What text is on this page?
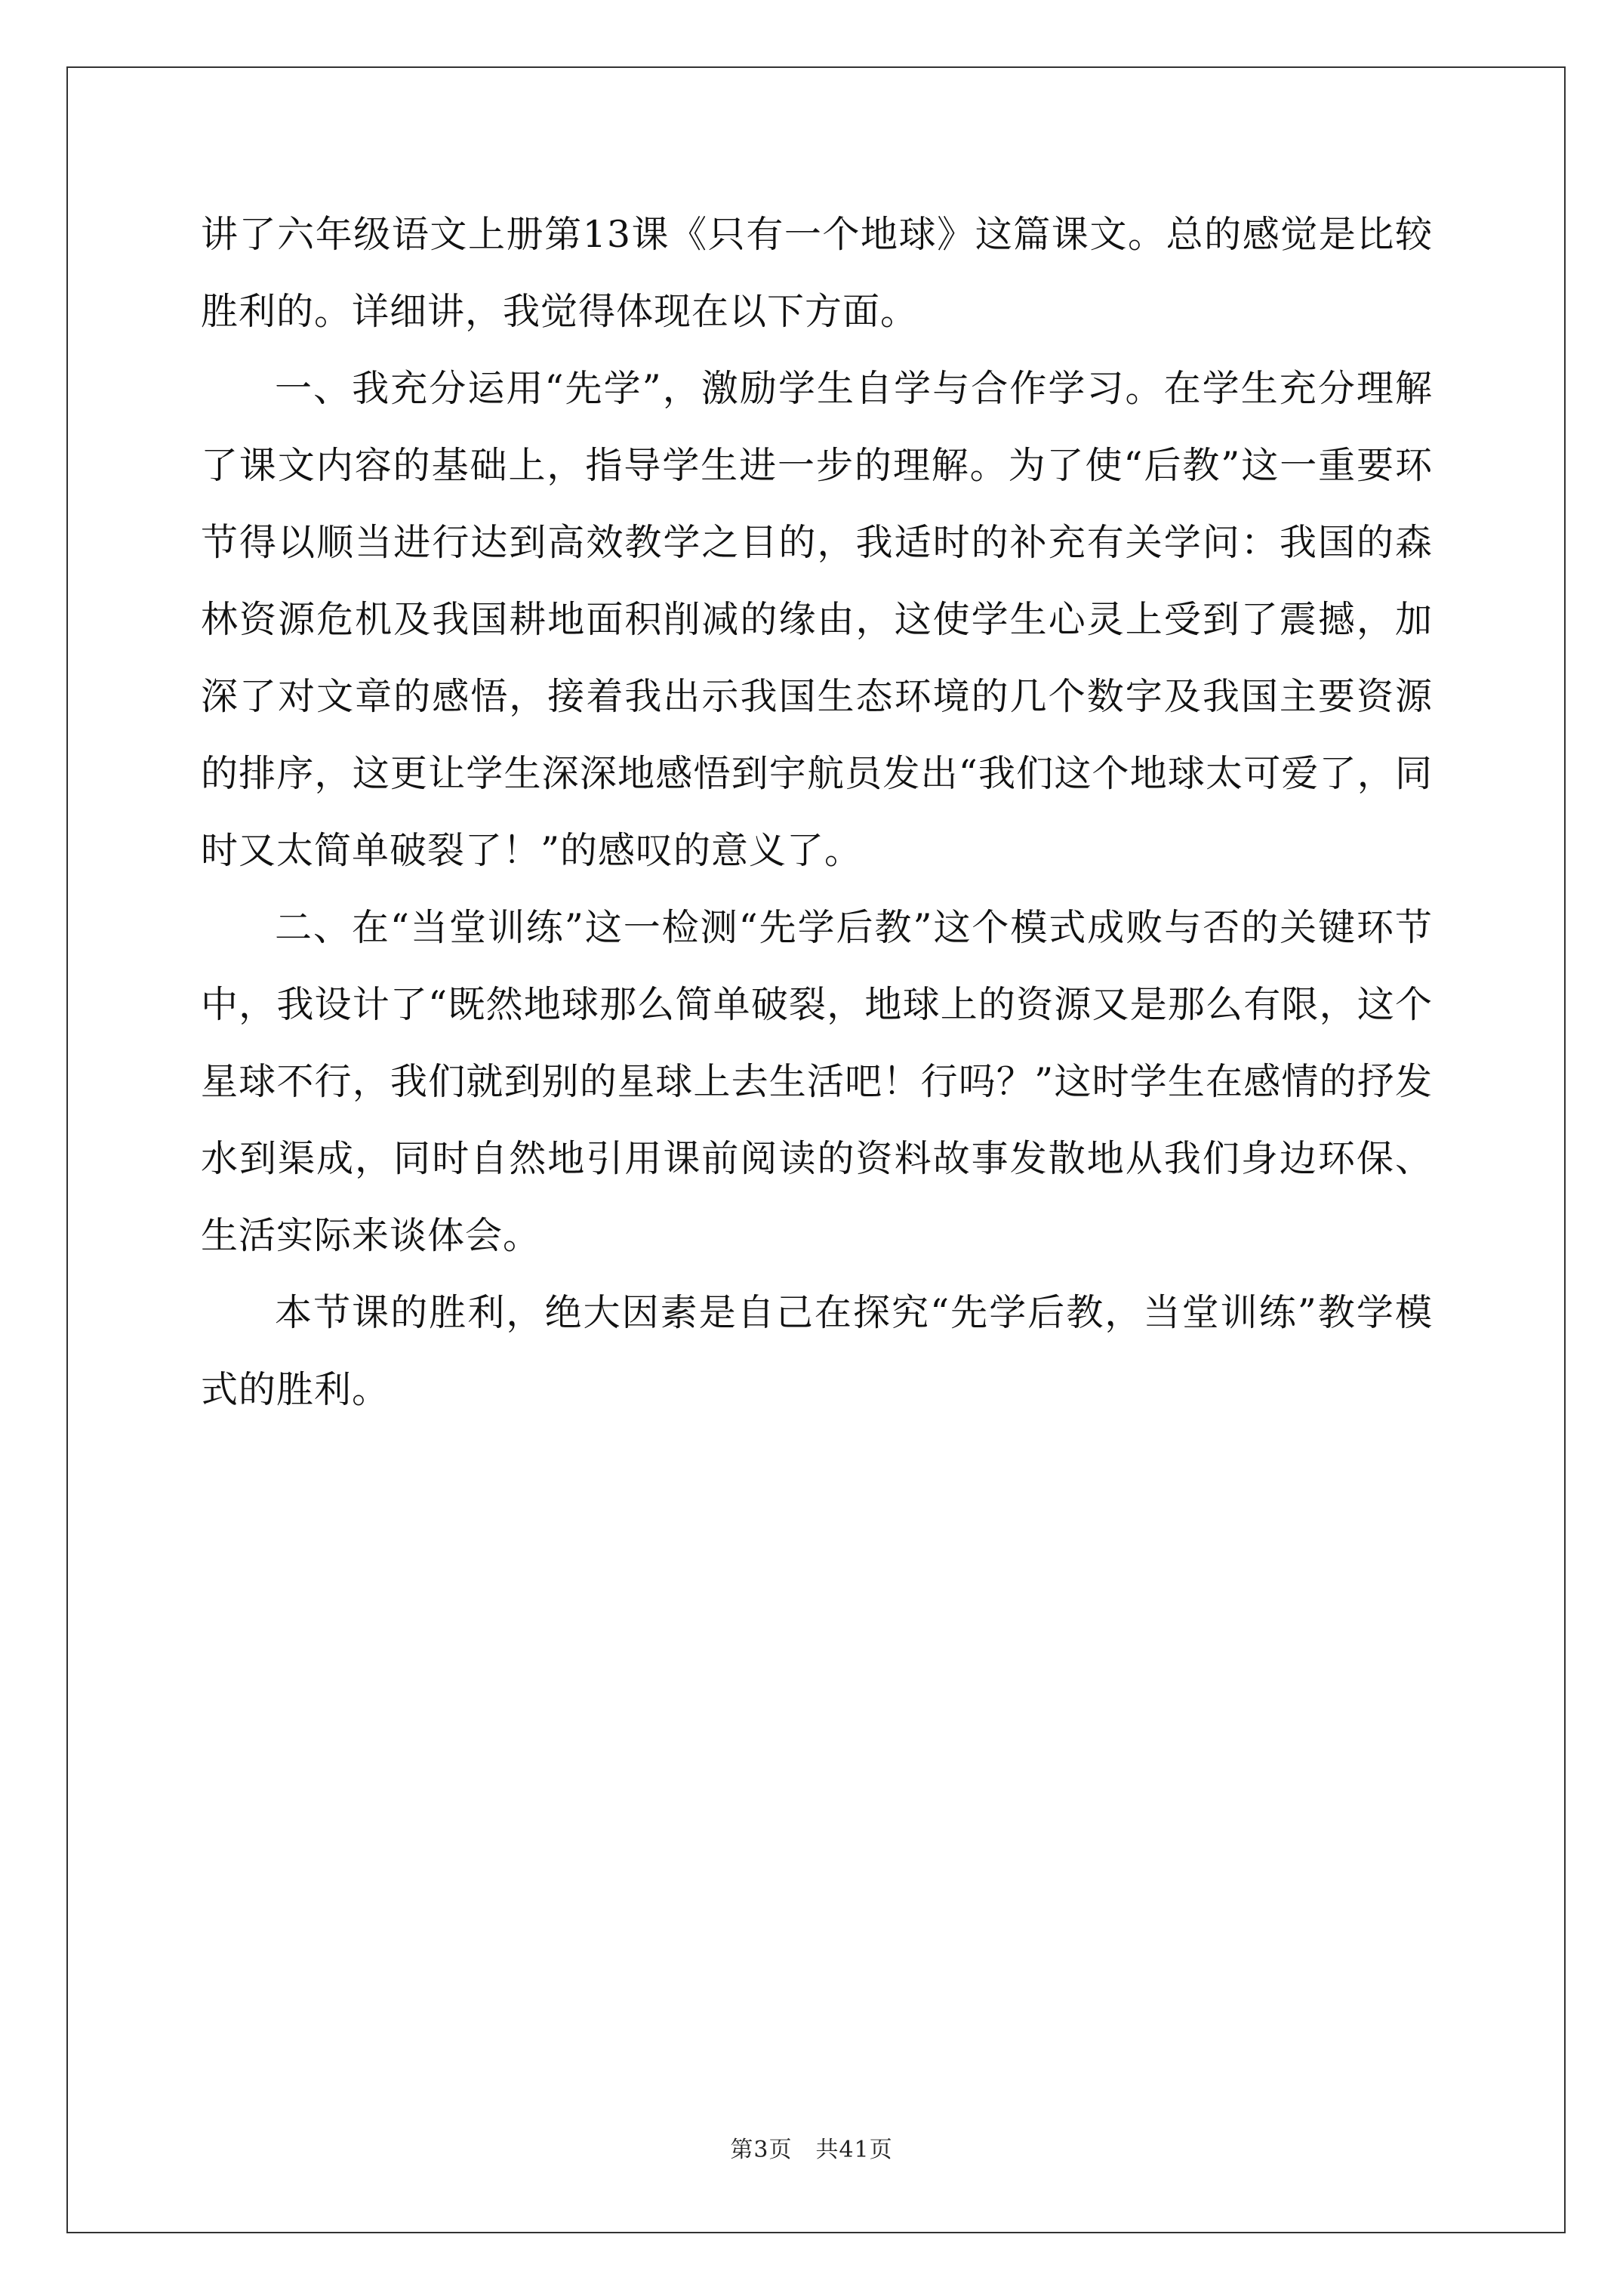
讲了六年级语文上册第13课《只有一个地球》这篇课文。总的感觉是比较胜利的。详细讲，我觉得体现在以下方面。

一、我充分运用“先学”，激励学生自学与合作学习。在学生充分理解了课文内容的基础上，指导学生进一步的理解。为了使“后教”这一重要环节得以顺当进行达到高效教学之目的，我适时的补充有关学问：我国的森林资源危机及我国耕地面积削减的缘由，这使学生心灵上受到了震撼，加深了对文章的感悟，接着我出示我国生态环境的几个数字及我国主要资源的排序，这更让学生深深地感悟到宇航员发出“我们这个地球太可爱了，同时又太简单破裂了！”的感叹的意义了。

二、在“当堂训练”这一检测“先学后教”这个模式成败与否的关键环节中，我设计了“既然地球那么简单破裂，地球上的资源又是那么有限，这个星球不行，我们就到别的星球上去生活吧！行吗？”这时学生在感情的抒发水到渠成，同时自然地引用课前阅读的资料故事发散地从我们身边环保、生活实际来谈体会。

本节课的胜利，绝大因素是自己在探究“先学后教，当堂训练”教学模式的胜利。

第3页　共41页
